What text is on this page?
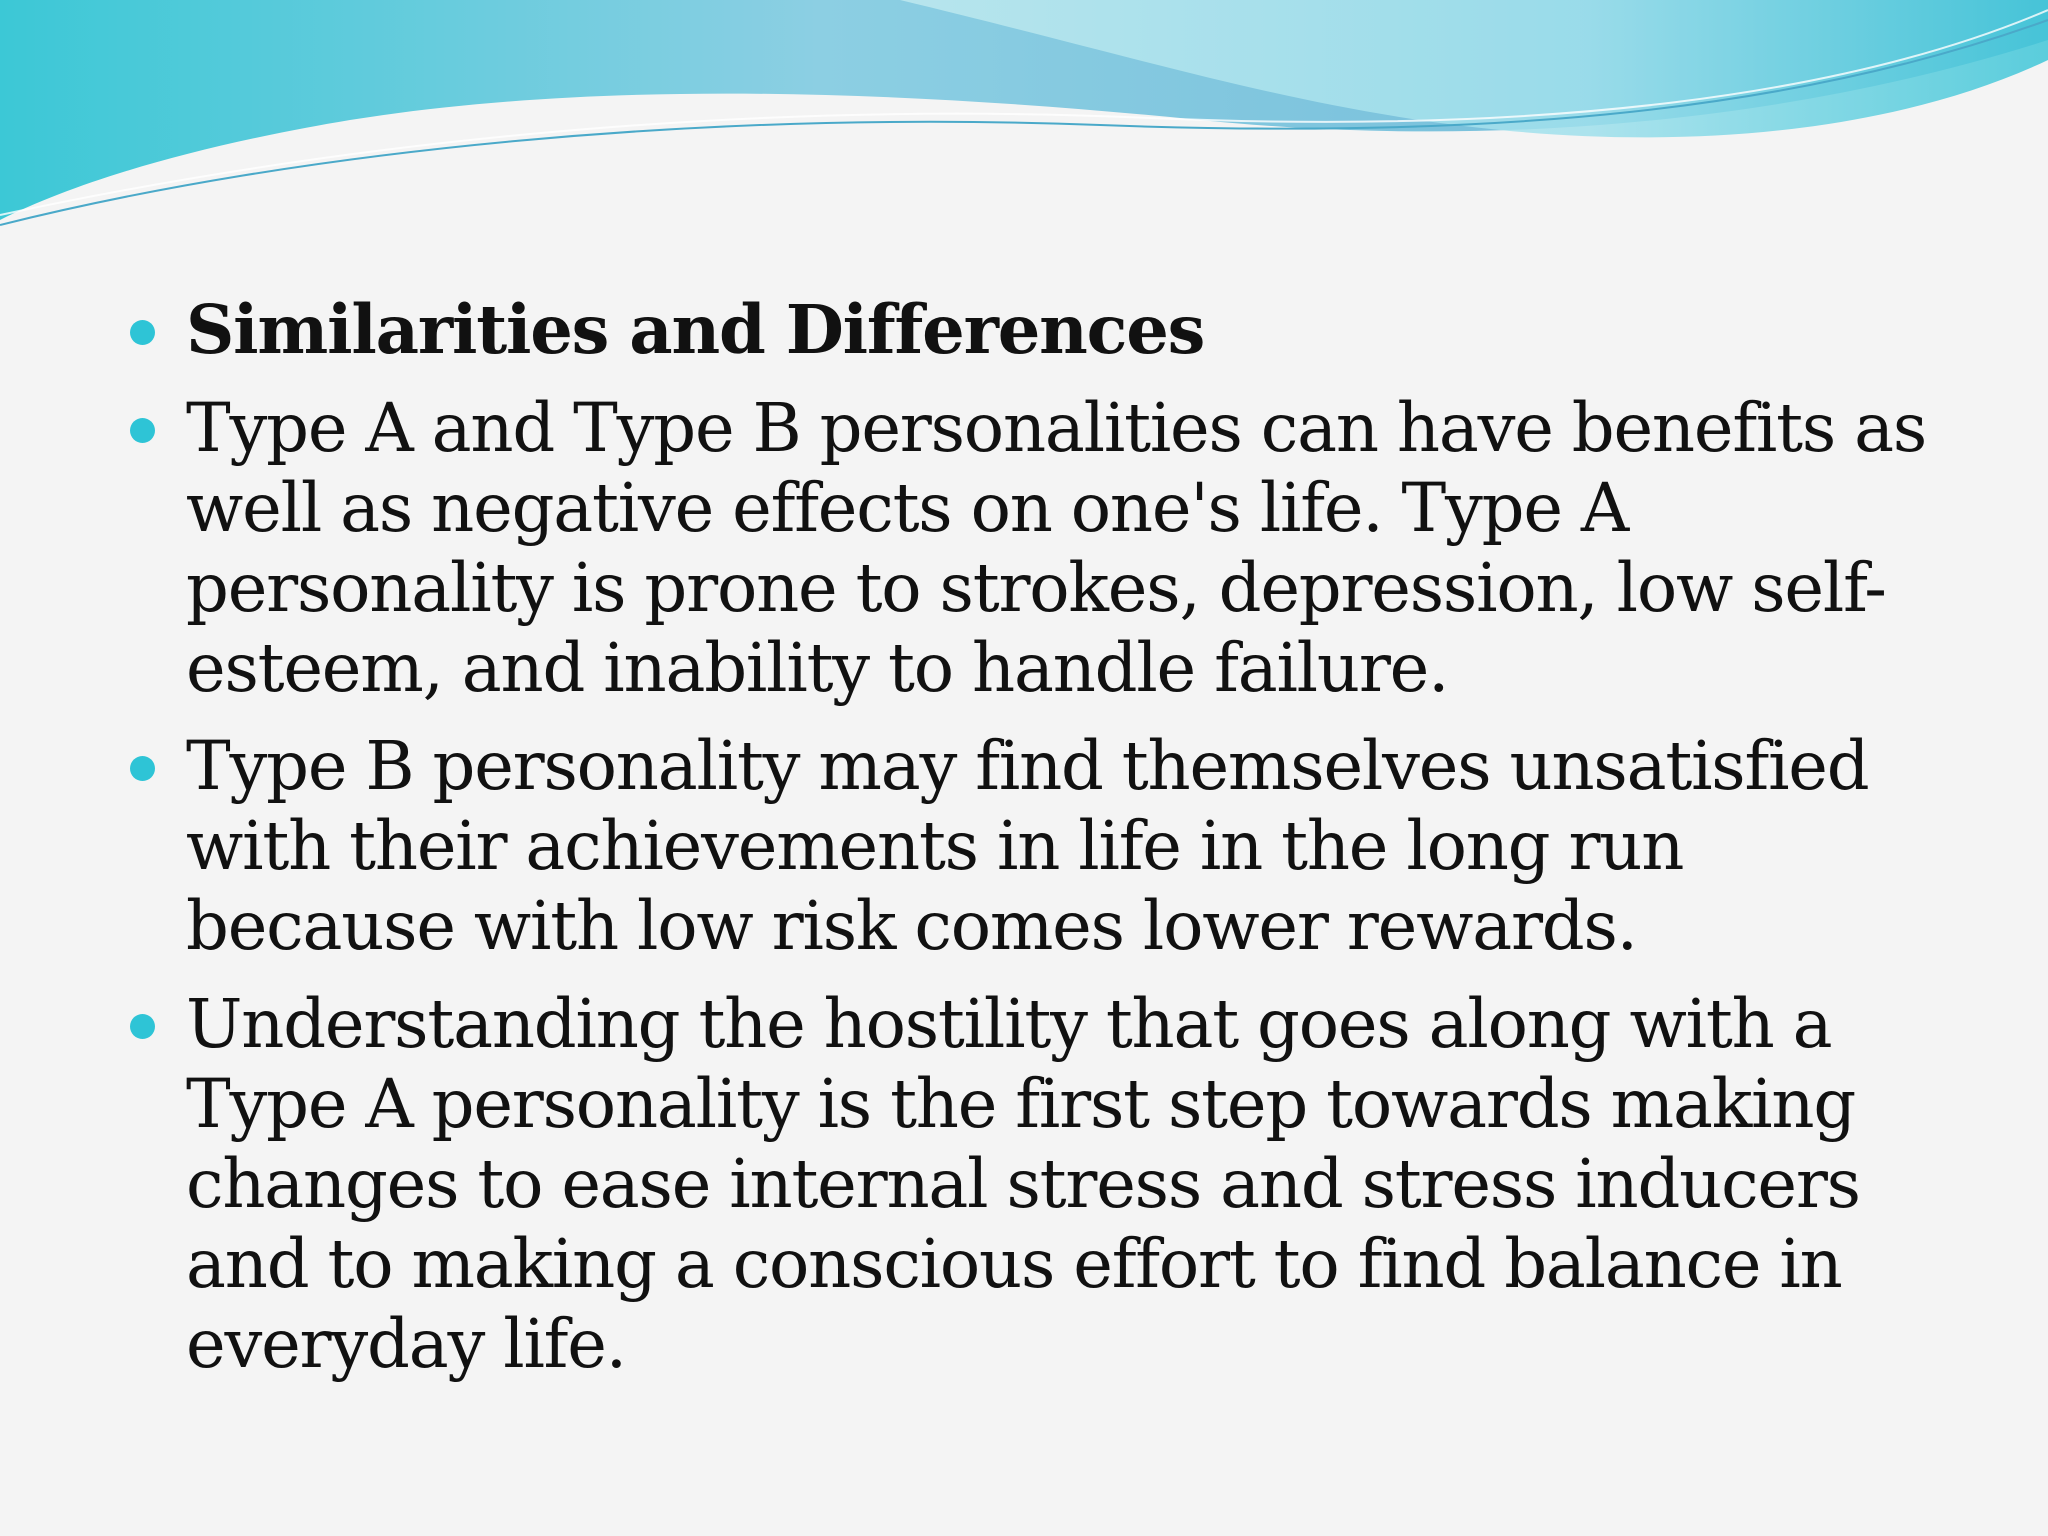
Similarities and Differences
Type A and Type B personalities can have benefits as well as negative effects on one's life. Type A personality is prone to strokes, depression, low self-esteem, and inability to handle failure.
Type B personality may find themselves unsatisfied with their achievements in life in the long run because with low risk comes lower rewards.
Understanding the hostility that goes along with a Type A personality is the first step towards making changes to ease internal stress and stress inducers and to making a conscious effort to find balance in everyday life.
